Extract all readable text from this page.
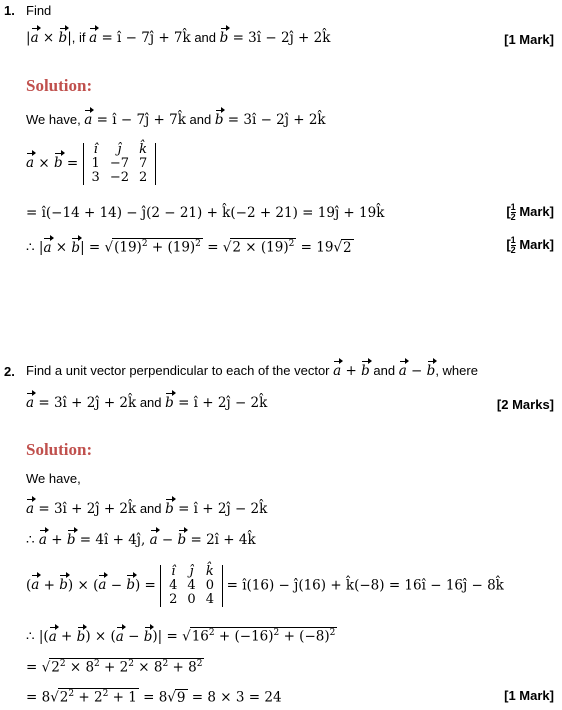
1. Find
|a × b|, if a = î − 7ĵ + 7k̂ and b = 3î − 2ĵ + 2k̂	[1 Mark]
Solution:
We have, a = î − 7ĵ + 7k̂ and b = 3î − 2ĵ + 2k̂
a × b =
î	ĵ	k̂
1	−7	7
3	−2	2
= î(−14 + 14) − ĵ(2 − 21) + k̂(−2 + 21) = 19ĵ + 19k̂	[ $\frac{1}{2}$ Mark]
∴ $|a \times b| = √(19)^2 + (19)^2 = √2 \times (19)^2 = 19√2$	[ $\frac{1}{2}$ Mark]
2. Find a unit vector perpendicular to each of the vector a + b and a − b, where
a = 3î + 2ĵ + 2k̂ and b = î + 2ĵ − 2k̂	[2 Marks]
Solution:
We have,
a = 3î + 2ĵ + 2k̂ and b = î + 2ĵ − 2k̂
∴ a + b = 4î + 4ĵ, a − b = 2î + 4k̂
(a + b) × (a − b) =
î	ĵ	k̂
4	4	0
2	0	4
= î(16) − ĵ(16) + k̂(−8) = 16î − 16ĵ − 8k̂
∴ $|(a + b) \times (a - b)| = √16^2 + (-16)^2 + (-8)^2$
= $√2^2 \times 8^2 + 2^2 \times 8^2 + 8^2$
= $8√2^2 + 2^2 + 1 = 8√9 = 8 \times 3 = 24$	[1 Mark]
